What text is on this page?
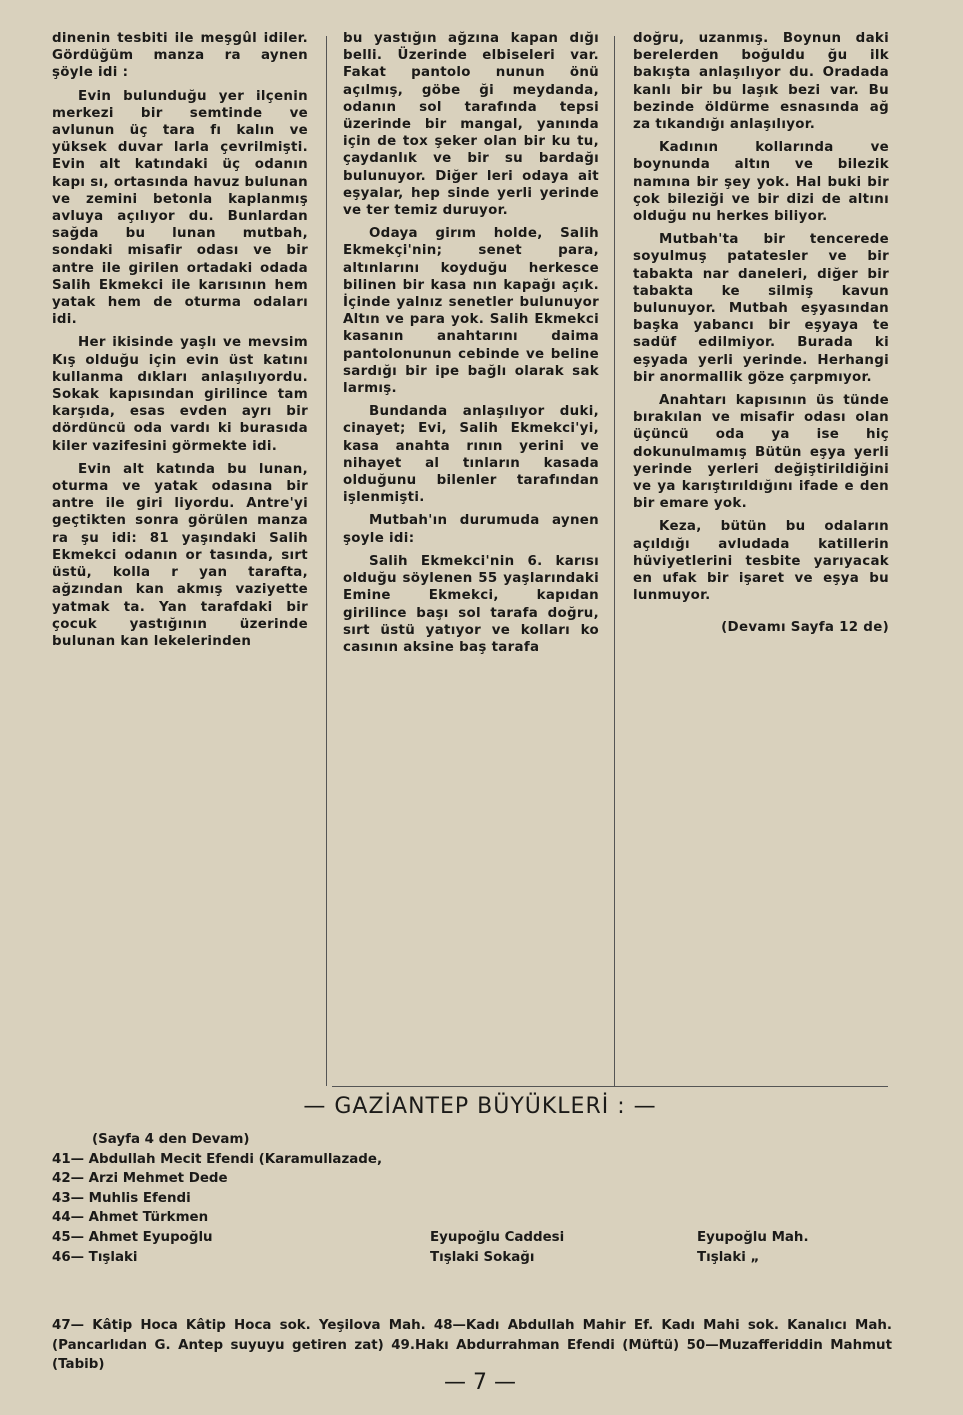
dinenin tesbiti ile meşgûl idiler. Gördüğüm manza ra aynen şöyle idi :

Evin bulunduğu yer ilçenin merkezi bir semtinde ve avlunun üç tara fı kalın ve yüksek duvar larla çevrilmişti. Evin alt katındaki üç odanın kapı sı, ortasında havuz bulunan ve zemini betonla kaplanmış avluya açılıyor du. Bunlardan sağda bu lunan mutbah, sondaki misafir odası ve bir antre ile girilen ortadaki odada Salih Ekmekci ile karısının hem yatak hem de oturma odaları idi.

Her ikisinde yaşlı ve mevsim Kış olduğu için evin üst katını kullanma dıkları anlaşılıyordu. Sokak kapısından girilince tam karşıda, esas evden ayrı bir dördüncü oda vardı ki burasıda kiler vazifesini görmekte idi.

Evin alt katında bu lunan, oturma ve yatak odasına bir antre ile giri liyordu. Antre'yi geçtikten sonra görülen manza ra şu idi: 81 yaşındaki Salih Ekmekci odanın or tasında, sırt üstü, kolla r yan tarafta, ağzından kan akmış vaziyette yatmak ta. Yan tarafdaki bir çocuk yastığının üzerinde bulunan kan lekelerinden

bu yastığın ağzına kapan dığı belli. Üzerinde elbiseleri var. Fakat pantolo nunun önü açılmış, göbe ği meydanda, odanın sol tarafında tepsi üzerinde bir mangal, yanında için de tox şeker olan bir ku tu, çaydanlık ve bir su bardağı bulunuyor. Diğer leri odaya ait eşyalar, hep sinde yerli yerinde ve ter temiz duruyor.

Odaya girım holde, Salih Ekmekçi'nin; senet para, altınlarını koyduğu herkesce bilinen bir kasa nın kapağı açık. İçinde yalnız senetler bulunuyor Altın ve para yok. Salih Ekmekci kasanın anahtarını daima pantolonunun cebinde ve beline sardığı bir ipe bağlı olarak sak larmış.

Bundanda anlaşılıyor duki, cinayet; Evi, Salih Ekmekci'yi, kasa anahta rının yerini ve nihayet al tınların kasada olduğunu bilenler tarafından işlenmişti.

Mutbah'ın durumuda aynen şoyle idi:

Salih Ekmekci'nin 6. karısı olduğu söylenen 55 yaşlarındaki Emine Ekmekci, kapıdan girilince başı sol tarafa doğru, sırt üstü yatıyor ve kolları ko casının aksine baş tarafa

doğru, uzanmış. Boynun daki berelerden boğuldu ğu ilk bakışta anlaşılıyor du. Oradada kanlı bir bu laşık bezi var. Bu bezinde öldürme esnasında ağ za tıkandığı anlaşılıyor.

Kadının kollarında ve boynunda altın ve bilezik namına bir şey yok. Hal buki bir çok bileziği ve bir dizi de altını olduğu nu herkes biliyor.

Mutbah'ta bir tencerede soyulmuş patatesler ve bir tabakta nar daneleri, diğer bir tabakta ke silmiş kavun bulunuyor. Mutbah eşyasından başka yabancı bir eşyaya te sadüf edilmiyor. Burada ki eşyada yerli yerinde. Herhangi bir anormallik göze çarpmıyor.

Anahtarı kapısının üs tünde bırakılan ve misafir odası olan üçüncü oda ya ise hiç dokunulmamış Bütün eşya yerli yerinde yerleri değiştirildiğini ve ya karıştırıldığını ifade e den bir emare yok.

Keza, bütün bu odaların açıldığı avludada katillerin hüviyetlerini tesbite yarıyacak en ufak bir işaret ve eşya bu lunmuyor.

(Devamı Sayfa 12 de)

— GAZİANTEP BÜYÜKLERİ : —
(Sayfa 4 den Devam)
41— Abdullah Mecit Efendi (Karamullazade,
42— Arzi Mehmet Dede
43— Muhlis Efendi
44— Ahmet Türkmen
45— Ahmet Eyupoğlu	Eyupoğlu Caddesi	Eyupoğlu Mah.
46— Tışlaki	Tışlaki Sokağı	Tışlaki „
47— Kâtip Hoca Kâtip Hoca sok. Yeşilova Mah. 48—Kadı Abdullah Mahir Ef. Kadı Mahi sok. Kanalıcı Mah. (Pancarlıdan G. Antep suyuyu getiren zat) 49.Hakı Abdurrahman Efendi (Müftü) 50—Muzafferiddin Mahmut (Tabib)
— 7 —
